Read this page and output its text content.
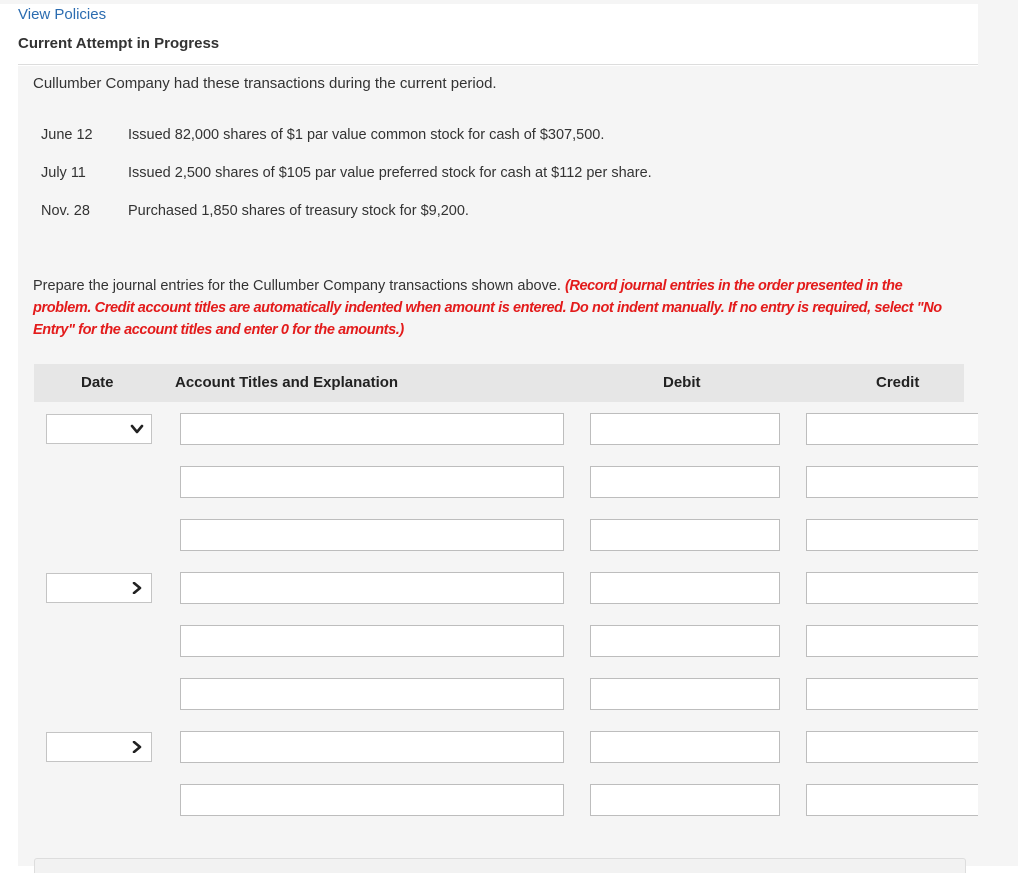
View Policies
Current Attempt in Progress
Cullumber Company had these transactions during the current period.
June 12 Issued 82,000 shares of $1 par value common stock for cash of $307,500.
July 11	Issued 2,500 shares of $105 par value preferred stock for cash at $112 per share.
Nov. 28	Purchased 1,850 shares of treasury stock for $9,200.
Prepare the journal entries for the Cullumber Company transactions shown above. (Record journal entries in the order presented in the problem. Credit account titles are automatically indented when amount is entered. Do not indent manually. If no entry is required, select "No Entry" for the account titles and enter 0 for the amounts.)
Date	Account Titles and Explanation	Debit	Credit
